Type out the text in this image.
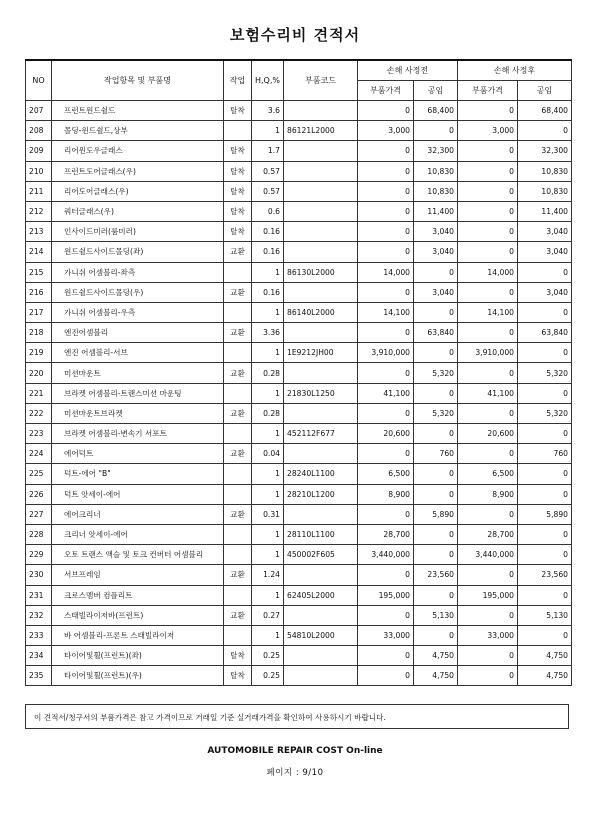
보험수리비 견적서
NO	작업항목 및 부품명	작업	H,Q,%	부품코드	손해 사정전		손해 사정후	
					부품가격	공임	부품가격	공임
207	프런트윈드쉴드	탈착	3.6		0	68,400	0	68,400
208	몰딩-윈드쉴드,상부		1	86121L2000	3,000	0	3,000	0
209	리어윈도우글래스	탈착	1.7		0	32,300	0	32,300
210	프런트도어글래스(우)	탈착	0.57		0	10,830	0	10,830
211	리어도어글래스(우)	탈착	0.57		0	10,830	0	10,830
212	쿼터글래스(우)	탈착	0.6		0	11,400	0	11,400
213	인사이드미러(룸미러)	탈착	0.16		0	3,040	0	3,040
214	윈드쉴드사이드몰딩(좌)	교환	0.16		0	3,040	0	3,040
215	가니쉬 어셈블리-좌측		1	86130L2000	14,000	0	14,000	0
216	윈드쉴드사이드몰딩(우)	교환	0.16		0	3,040	0	3,040
217	가니쉬 어셈블리-우측		1	86140L2000	14,100	0	14,100	0
218	엔진어셈블리	교환	3.36		0	63,840	0	63,840
219	엔진 어셈블리-서브		1	1E9212JH00	3,910,000	0	3,910,000	0
220	미션마운트	교환	0.28		0	5,320	0	5,320
221	브라켓 어셈블리-트랜스미션 마운팅		1	21830L1250	41,100	0	41,100	0
222	미션마운트브라켓	교환	0.28		0	5,320	0	5,320
223	브라켓 어셈블리-변속기 서포트		1	452112F677	20,600	0	20,600	0
224	에어덕트	교환	0.04		0	760	0	760
225	덕트-에어 "B"		1	28240L1100	6,500	0	6,500	0
226	덕트 앗세이-에어		1	28210L1200	8,900	0	8,900	0
227	에어크리너	교환	0.31		0	5,890	0	5,890
228	크리너 앗세이-에어		1	28110L1100	28,700	0	28,700	0
229	오토 트랜스 액슬 및 토크 컨버터 어셈블리		1	450002F605	3,440,000	0	3,440,000	0
230	서브프레임	교환	1.24		0	23,560	0	23,560
231	크로스멤버 컴플리트		1	62405L2000	195,000	0	195,000	0
232	스태빌라이저바(프런트)	교환	0.27		0	5,130	0	5,130
233	바 어셈블리-프론트 스태빌라이저		1	54810L2000	33,000	0	33,000	0
234	타이어및휠(프런트)(좌)	탈착	0.25		0	4,750	0	4,750
235	타이어및휠(프런트)(우)	탈착	0.25		0	4,750	0	4,750
이 견적서/청구서의 부품가격은 참고 가격이므로 거래일 기준 실거래가격을 확인하여 사용하시기 바랍니다.
AUTOMOBILE REPAIR COST On-line
페이지 : 9/10
